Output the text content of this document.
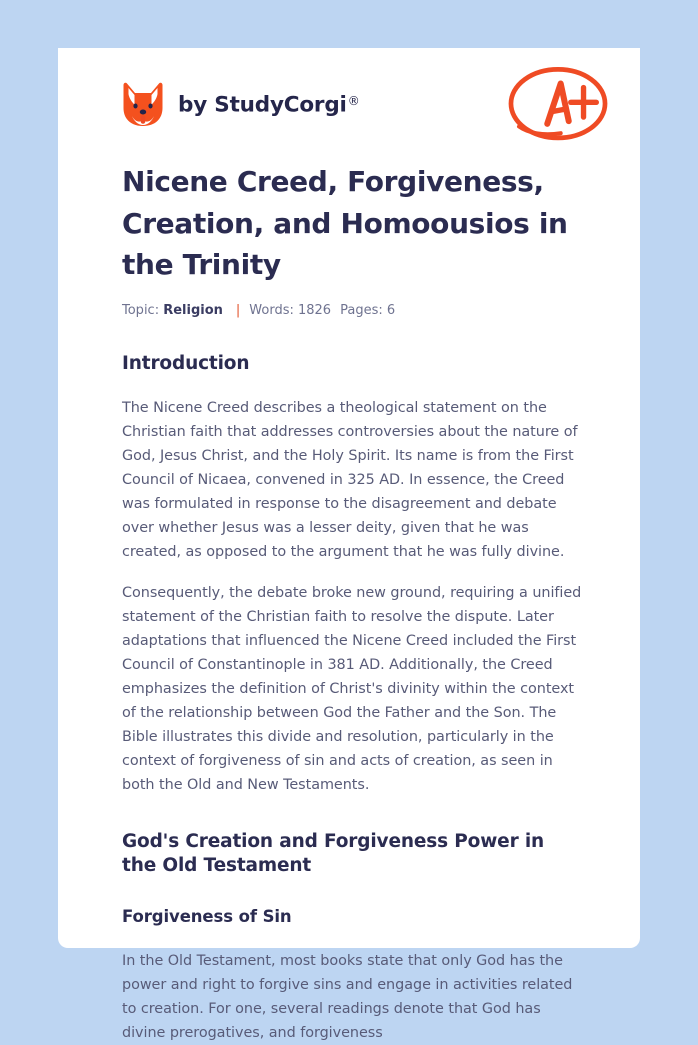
by StudyCorgi®
Nicene Creed, Forgiveness, Creation, and Homoousios in the Trinity
Topic: Religion | Words: 1826 Pages: 6
Introduction

The Nicene Creed describes a theological statement on the Christian faith that addresses controversies about the nature of God, Jesus Christ, and the Holy Spirit. Its name is from the First Council of Nicaea, convened in 325 AD. In essence, the Creed was formulated in response to the disagreement and debate over whether Jesus was a lesser deity, given that he was created, as opposed to the argument that he was fully divine.

Consequently, the debate broke new ground, requiring a unified statement of the Christian faith to resolve the dispute. Later adaptations that influenced the Nicene Creed included the First Council of Constantinople in 381 AD. Additionally, the Creed emphasizes the definition of Christ's divinity within the context of the relationship between God the Father and the Son. The Bible illustrates this divide and resolution, particularly in the context of forgiveness of sin and acts of creation, as seen in both the Old and New Testaments.

God's Creation and Forgiveness Power in the Old Testament
Forgiveness of Sin

In the Old Testament, most books state that only God has the power and right to forgive sins and engage in activities related to creation. For one, several readings denote that God has divine prerogatives, and forgiveness
